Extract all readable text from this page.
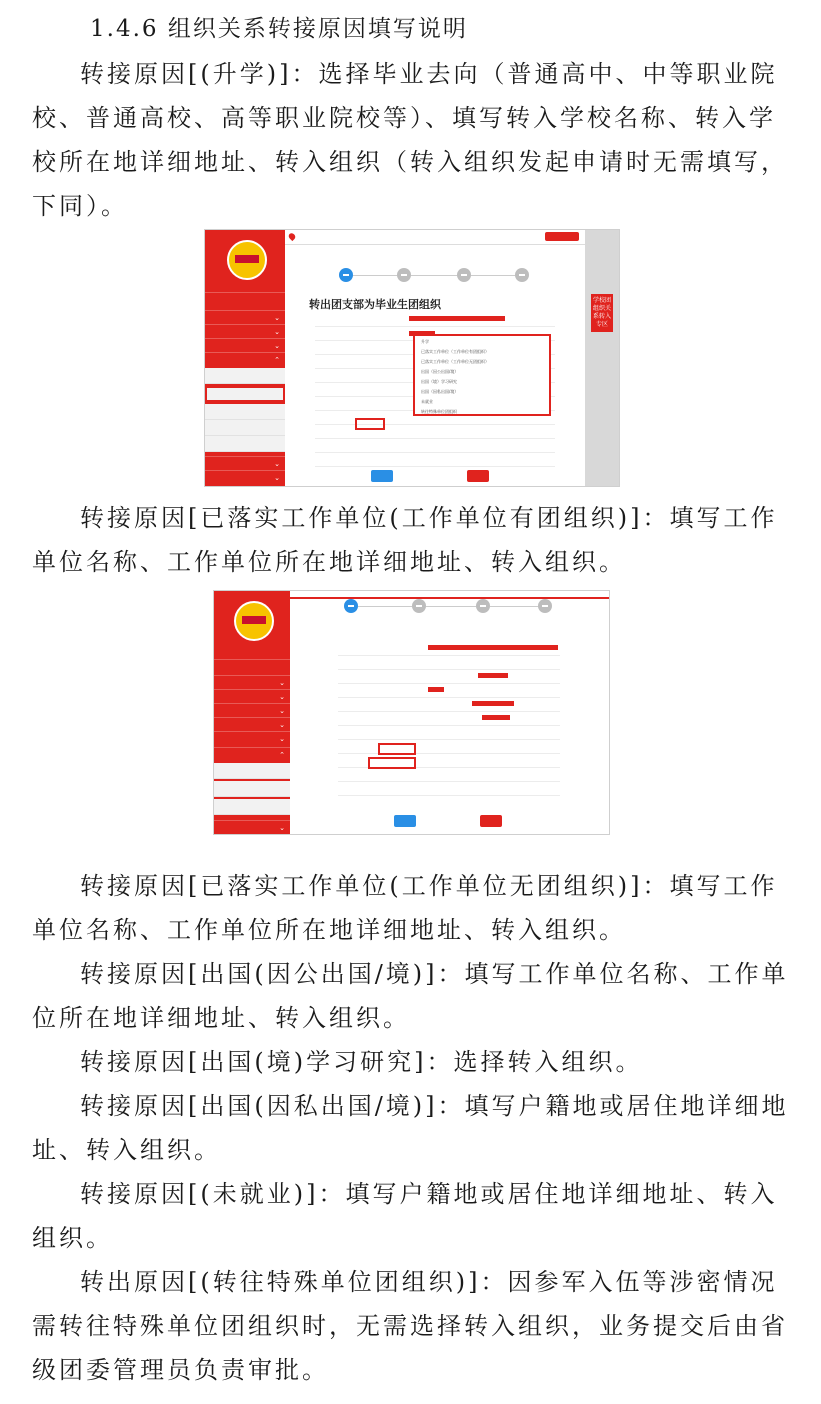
1.4.6 组织关系转接原因填写说明

转接原因[(升学)]：选择毕业去向（普通高中、中等职业院校、普通高校、高等职业院校等）、填写转入学校名称、转入学校所在地详细地址、转入组织（转入组织发起申请时无需填写，下同）。

⌄
⌄
⌄
⌃
⌄
⌄
转出团支部为毕业生团组织
升学
已落实工作单位（工作单位有团组织）
已落实工作单位（工作单位无团组织）
出国（因公出国/境）
出国（境）学习研究
出国（因私出国/境）
未就业
转往特殊单位团组织
学校团组织关系转入专区

转接原因[已落实工作单位(工作单位有团组织)]：填写工作单位名称、工作单位所在地详细地址、转入组织。

⌄
⌄
⌄
⌄
⌄
⌃
⌄

转接原因[已落实工作单位(工作单位无团组织)]：填写工作单位名称、工作单位所在地详细地址、转入组织。

转接原因[出国(因公出国/境)]：填写工作单位名称、工作单位所在地详细地址、转入组织。

转接原因[出国(境)学习研究]：选择转入组织。

转接原因[出国(因私出国/境)]：填写户籍地或居住地详细地址、转入组织。

转接原因[(未就业)]：填写户籍地或居住地详细地址、转入组织。

转出原因[(转往特殊单位团组织)]：因参军入伍等涉密情况需转往特殊单位团组织时，无需选择转入组织，业务提交后由省级团委管理员负责审批。
